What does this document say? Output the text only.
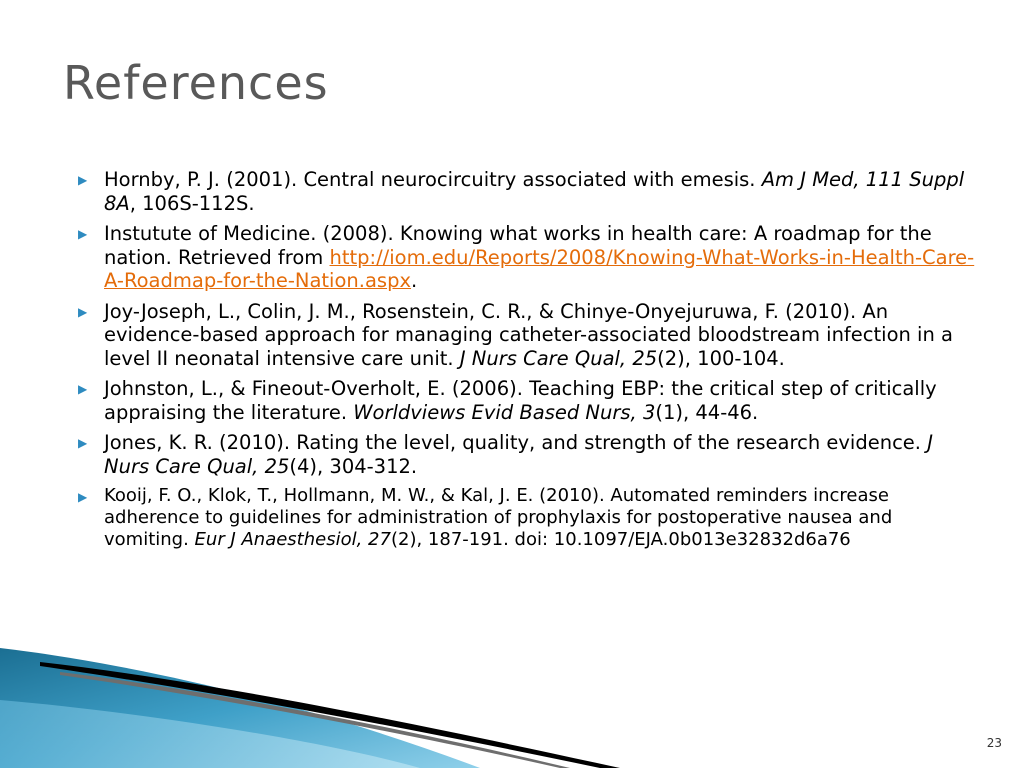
References
▶ Hornby, P. J. (2001). Central neurocircuitry associated with emesis. Am J Med, 111 Suppl 8A, 106S-112S.
▶ Instutute of Medicine. (2008). Knowing what works in health care: A roadmap for the nation. Retrieved from http://iom.edu/Reports/2008/Knowing-What-Works-in-Health-Care-A-Roadmap-for-the-Nation.aspx.
▶ Joy-Joseph, L., Colin, J. M., Rosenstein, C. R., & Chinye-Onyejuruwa, F. (2010). An evidence-based approach for managing catheter-associated bloodstream infection in a level II neonatal intensive care unit. J Nurs Care Qual, 25(2), 100-104.
▶ Johnston, L., & Fineout-Overholt, E. (2006). Teaching EBP: the critical step of critically appraising the literature. Worldviews Evid Based Nurs, 3(1), 44-46.
▶ Jones, K. R. (2010). Rating the level, quality, and strength of the research evidence. J Nurs Care Qual, 25(4), 304-312.
▶ Kooij, F. O., Klok, T., Hollmann, M. W., & Kal, J. E. (2010). Automated reminders increase adherence to guidelines for administration of prophylaxis for postoperative nausea and vomiting. Eur J Anaesthesiol, 27(2), 187-191. doi: 10.1097/EJA.0b013e32832d6a76
23
